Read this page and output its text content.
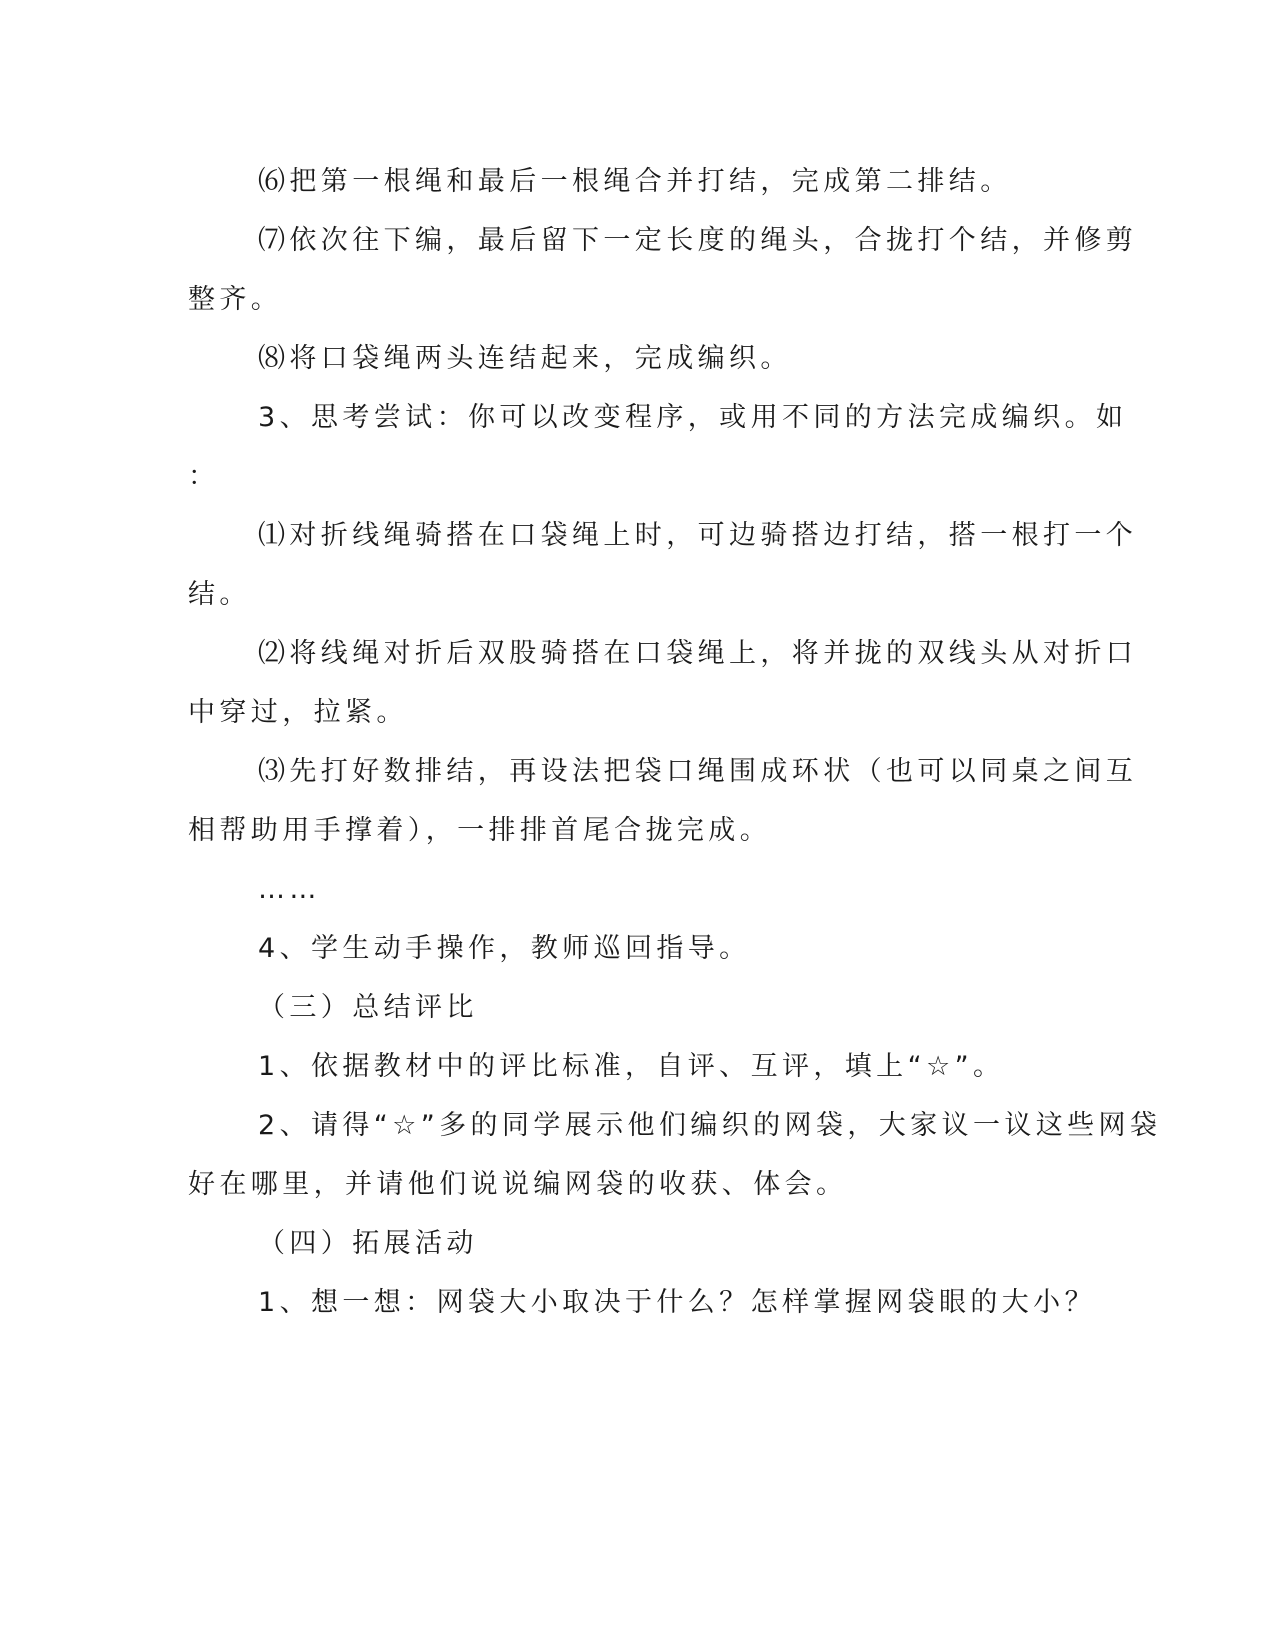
⑹把第一根绳和最后一根绳合并打结，完成第二排结。
⑺依次往下编，最后留下一定长度的绳头，合拢打个结，并修剪
整齐。
⑻将口袋绳两头连结起来，完成编织。
3、思考尝试：你可以改变程序，或用不同的方法完成编织。如
：
⑴对折线绳骑搭在口袋绳上时，可边骑搭边打结，搭一根打一个
结。
⑵将线绳对折后双股骑搭在口袋绳上，将并拢的双线头从对折口
中穿过，拉紧。
⑶先打好数排结，再设法把袋口绳围成环状（也可以同桌之间互
相帮助用手撑着），一排排首尾合拢完成。
……
4、学生动手操作，教师巡回指导。
（三）总结评比
1、依据教材中的评比标准，自评、互评，填上“☆”。
2、请得“☆”多的同学展示他们编织的网袋，大家议一议这些网袋
好在哪里，并请他们说说编网袋的收获、体会。
（四）拓展活动
1、想一想：网袋大小取决于什么？怎样掌握网袋眼的大小？
